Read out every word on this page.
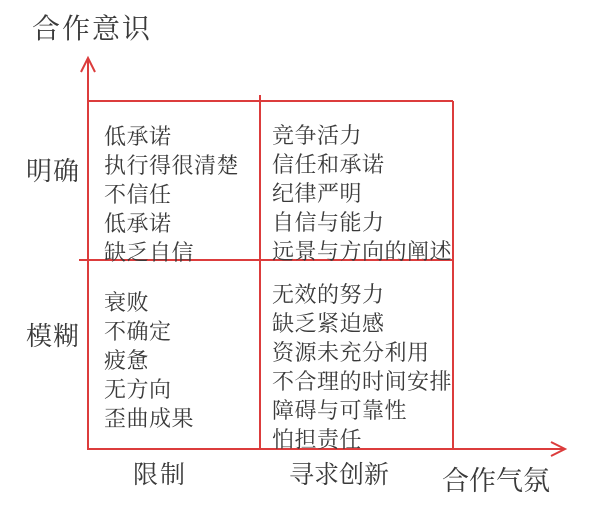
合作意识
明确
模糊
限制	寻求创新 合作气氛
低承诺
执行得很清楚
不信任
低承诺
缺乏自信
竞争活力
信任和承诺
纪律严明
自信与能力
远景与方向的阐述
衰败
不确定
疲惫
无方向
歪曲成果
无效的努力
缺乏紧迫感
资源未充分利用
不合理的时间安排
障碍与可靠性
怕担责任
